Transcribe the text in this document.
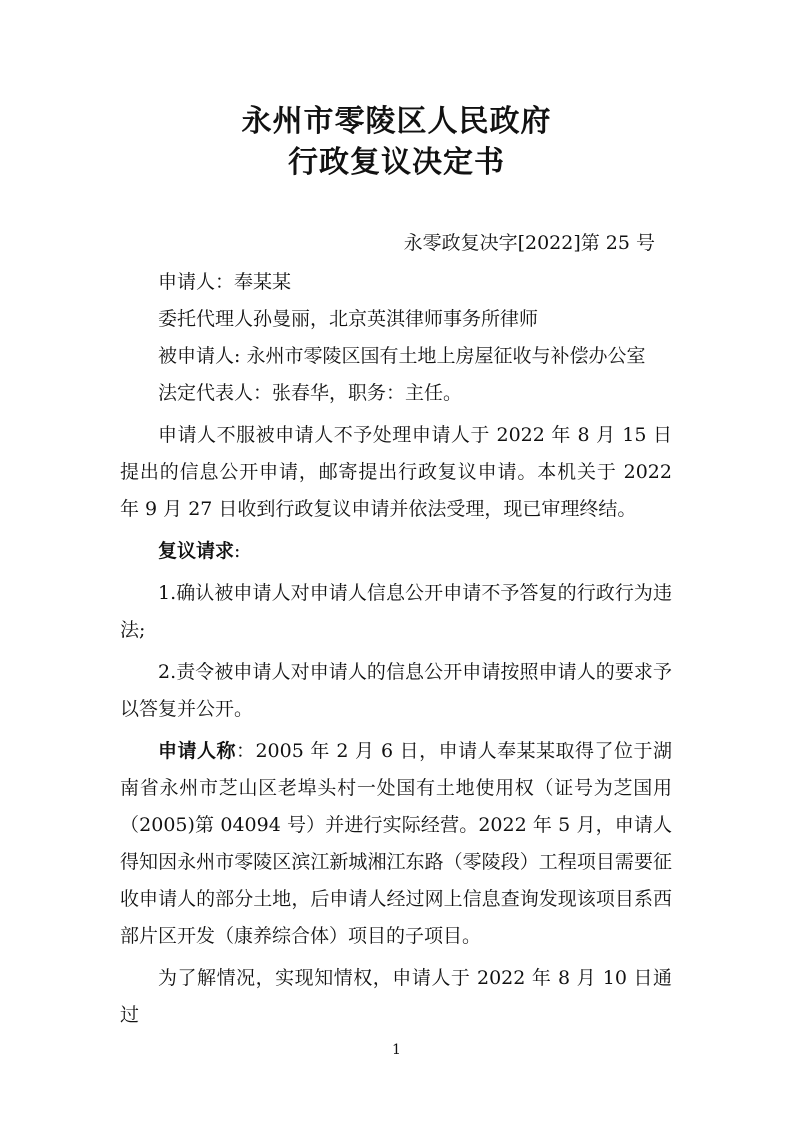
永州市零陵区人民政府
行政复议决定书
永零政复决字[2022]第 25 号

申请人：奉某某

委托代理人孙曼丽，北京英淇律师事务所律师

被申请人: 永州市零陵区国有土地上房屋征收与补偿办公室

法定代表人：张春华，职务：主任。

申请人不服被申请人不予处理申请人于 2022 年 8 月 15 日提出的信息公开申请，邮寄提出行政复议申请。本机关于 2022 年 9 月 27 日收到行政复议申请并依法受理，现已审理终结。

复议请求:

1.确认被申请人对申请人信息公开申请不予答复的行政行为违法;

2.责令被申请人对申请人的信息公开申请按照申请人的要求予以答复并公开。

申请人称：2005 年 2 月 6 日，申请人奉某某取得了位于湖南省永州市芝山区老埠头村一处国有土地使用权（证号为芝国用（2005)第 04094 号）并进行实际经营。2022 年 5 月，申请人得知因永州市零陵区滨江新城湘江东路（零陵段）工程项目需要征收申请人的部分土地，后申请人经过网上信息查询发现该项目系西部片区开发（康养综合体）项目的子项目。

为了解情况，实现知情权，申请人于 2022 年 8 月 10 日通过

1
